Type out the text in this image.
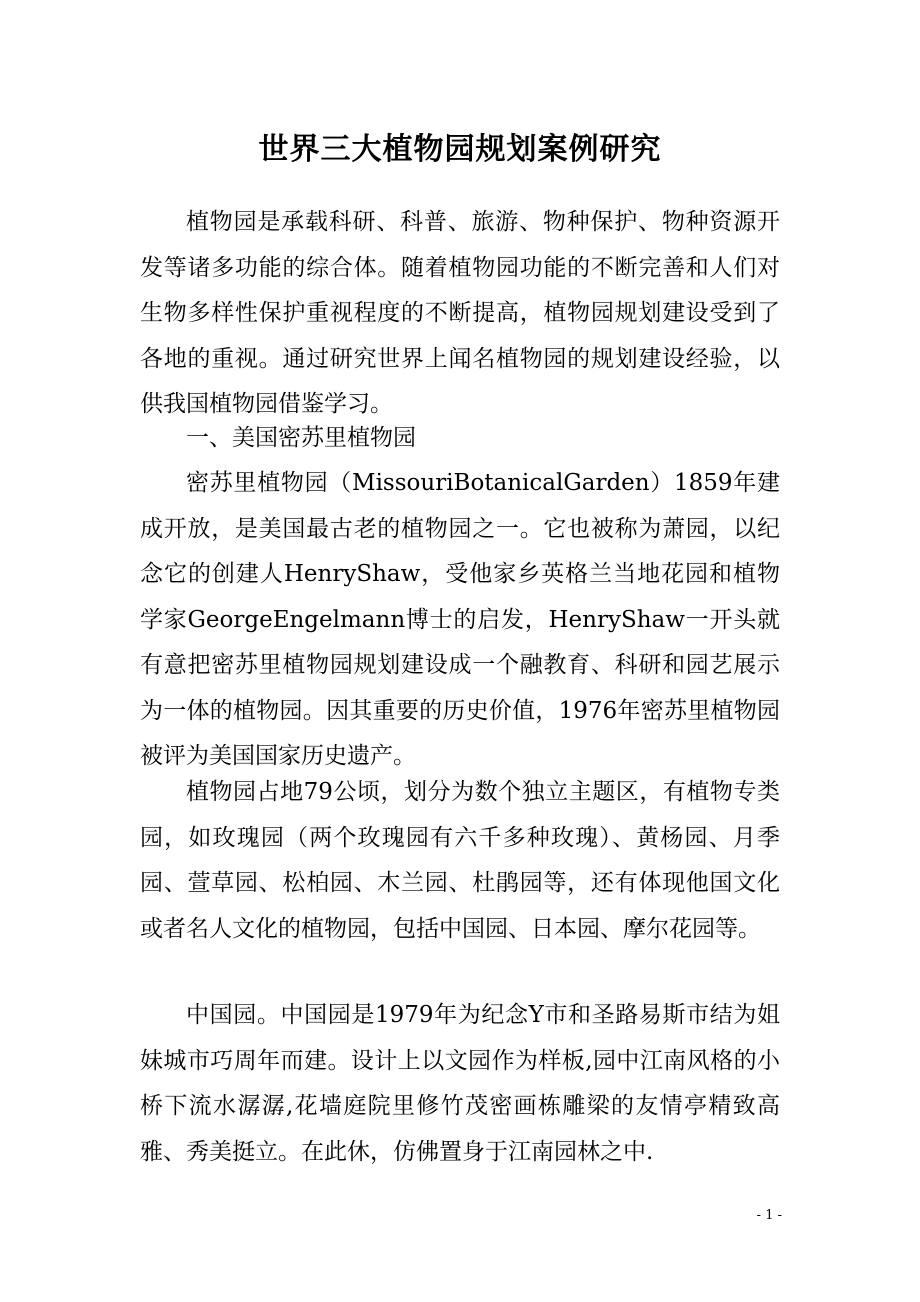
世界三大植物园规划案例研究

植物园是承载科研、科普、旅游、物种保护、物种资源开发等诸多功能的综合体。随着植物园功能的不断完善和人们对生物多样性保护重视程度的不断提高，植物园规划建设受到了各地的重视。通过研究世界上闻名植物园的规划建设经验，以供我国植物园借鉴学习。

一、美国密苏里植物园

密苏里植物园（MissouriBotanicalGarden）1859年建成开放，是美国最古老的植物园之一。它也被称为萧园，以纪念它的创建人HenryShaw，受他家乡英格兰当地花园和植物学家GeorgeEngelmann博士的启发，HenryShaw一开头就有意把密苏里植物园规划建设成一个融教育、科研和园艺展示为一体的植物园。因其重要的历史价值，1976年密苏里植物园被评为美国国家历史遗产。

植物园占地79公顷，划分为数个独立主题区，有植物专类园，如玫瑰园（两个玫瑰园有六千多种玫瑰）、黄杨园、月季园、萱草园、松柏园、木兰园、杜鹃园等，还有体现他国文化或者名人文化的植物园，包括中国园、日本园、摩尔花园等。

中国园。中国园是1979年为纪念Y市和圣路易斯市结为姐妹城市巧周年而建。设计上以文园作为样板,园中江南风格的小桥下流水潺潺,花墙庭院里修竹茂密画栋雕梁的友情亭精致高雅、秀美挺立。在此休，仿佛置身于江南园林之中.

- 1 -
